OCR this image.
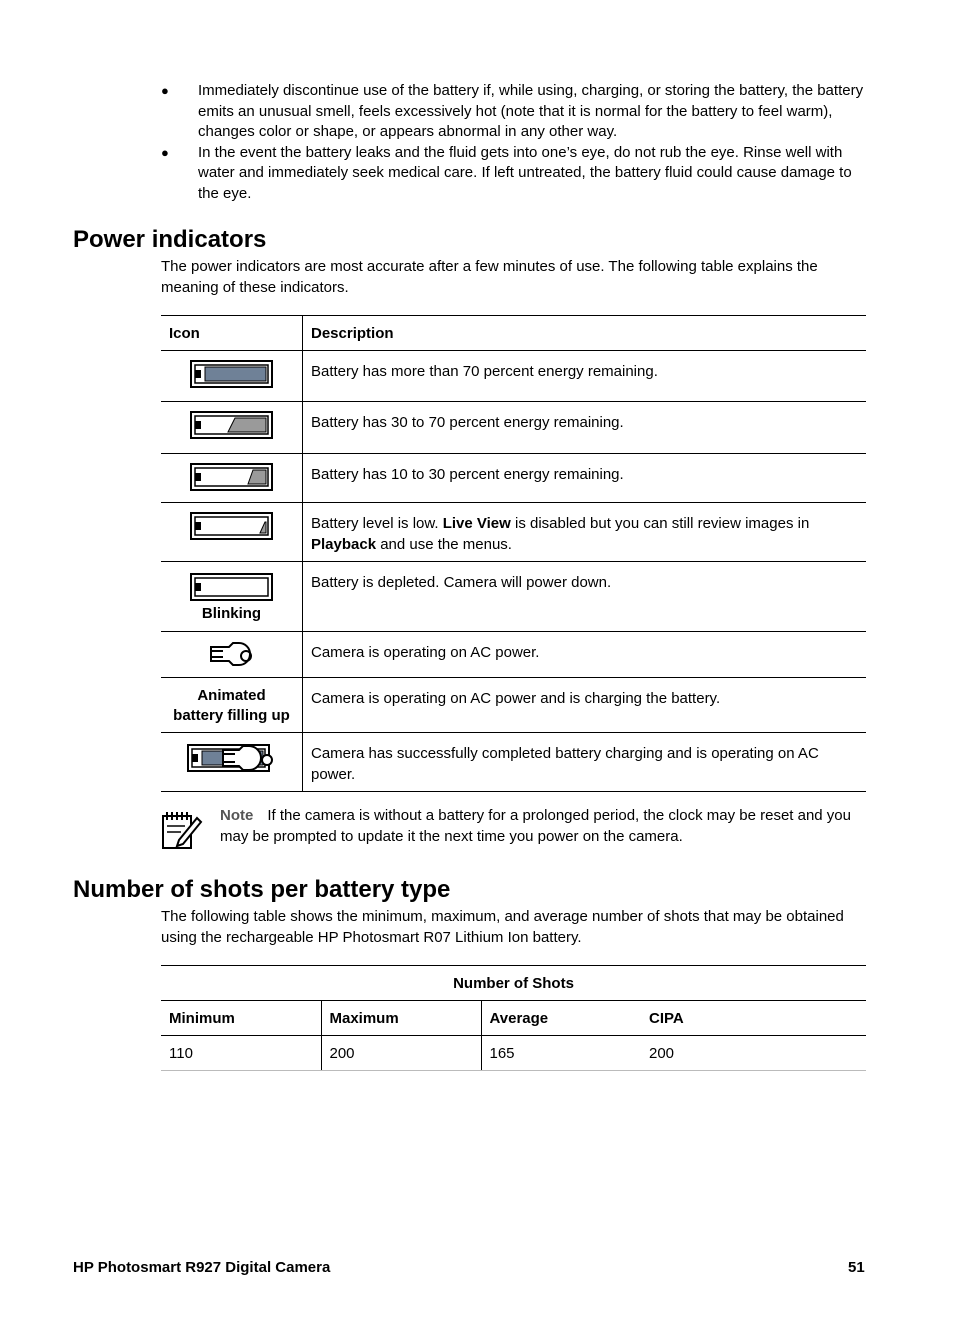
● Immediately discontinue use of the battery if, while using, charging, or storing the battery, the battery emits an unusual smell, feels excessively hot (note that it is normal for the battery to feel warm), changes color or shape, or appears abnormal in any other way.
● In the event the battery leaks and the fluid gets into one’s eye, do not rub the eye. Rinse well with water and immediately seek medical care. If left untreated, the battery fluid could cause damage to the eye.
Power indicators

The power indicators are most accurate after a few minutes of use. The following table explains the meaning of these indicators.

Icon	Description

	Battery has more than 70 percent energy remaining.

	Battery has 30 to 70 percent energy remaining.

	Battery has 10 to 30 percent energy remaining.

	Battery level is low. Live View is disabled but you can still review images in Playback and use the menus.

Blinking	Battery is depleted. Camera will power down.

	Camera is operating on AC power.

Animated
battery filling up	Camera is operating on AC power and is charging the battery.

	Camera has successfully completed battery charging and is operating on AC power.

Note If the camera is without a battery for a prolonged period, the clock may be reset and you may be prompted to update it the next time you power on the camera.

Number of shots per battery type

The following table shows the minimum, maximum, and average number of shots that may be obtained using the rechargeable HP Photosmart R07 Lithium Ion battery.

Number of Shots			
Minimum	Maximum	Average	CIPA
110	200	165	200
HP Photosmart R927 Digital Camera	51
